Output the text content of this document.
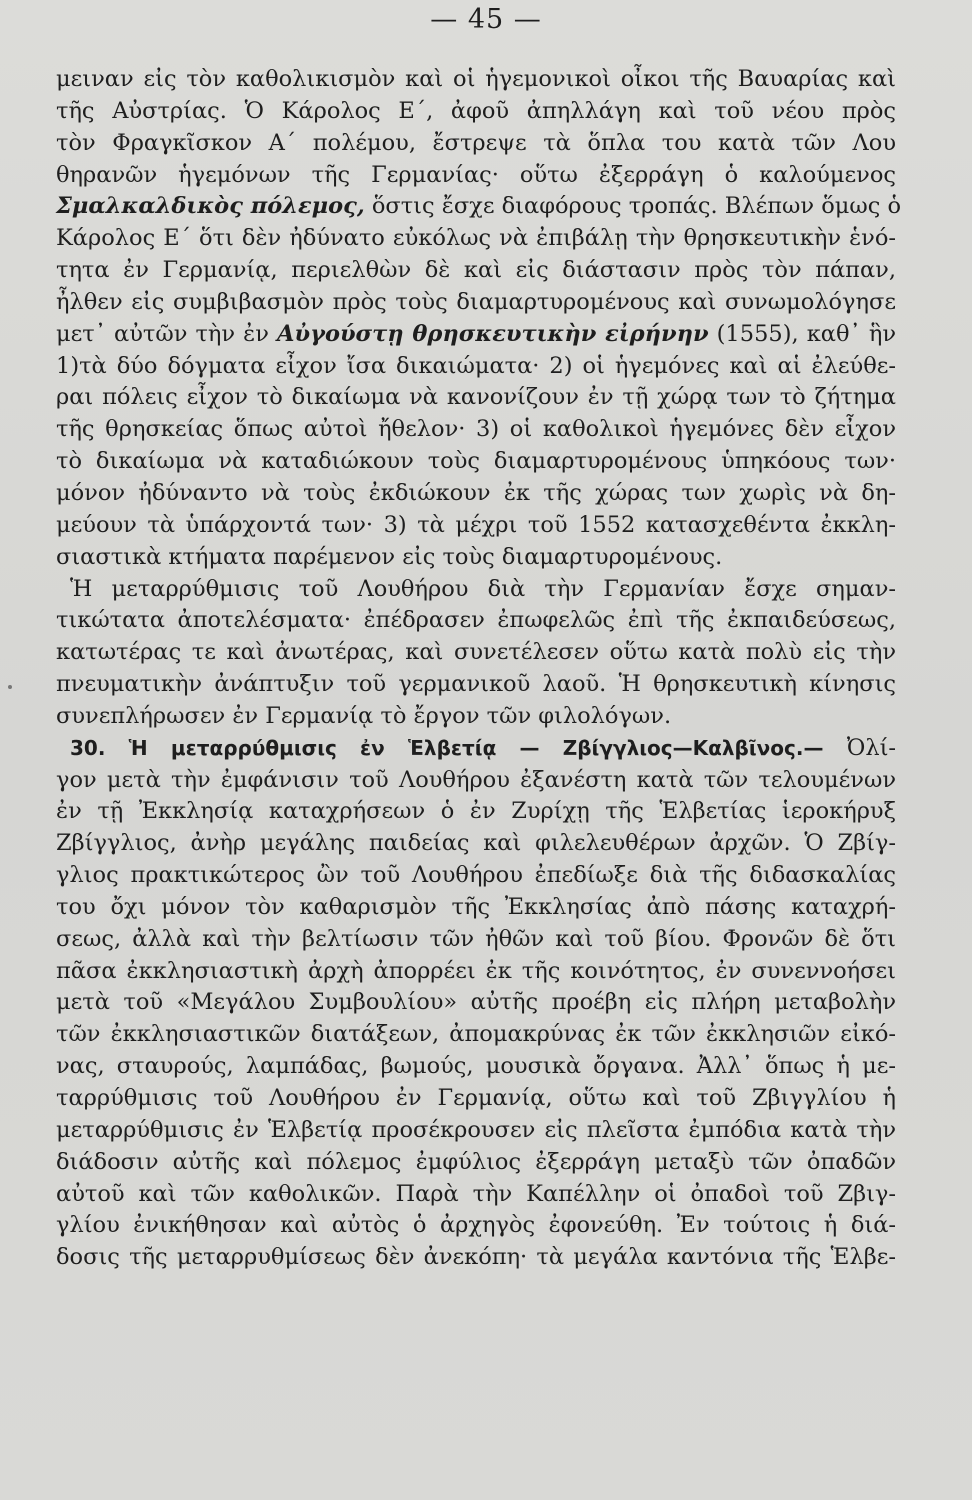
— 45 —
μειναν εἰς τὸν καθολικισμὸν καὶ οἱ ἡγεμονικοὶ οἶκοι τῆς Βαυαρίας καὶ
τῆς Αὐστρίας. Ὁ Κάρολος Ε΄, ἀφοῦ ἀπηλλάγη καὶ τοῦ νέου πρὸς
τὸν Φραγκῖσκον Α΄ πολέμου, ἔστρεψε τὰ ὅπλα του κατὰ τῶν Λου
θηρανῶν ἡγεμόνων τῆς Γερμανίας· οὕτω ἐξερράγη ὁ καλούμενος
Σμαλκαλδικὸς πόλεμος, ὅστις ἔσχε διαφόρους τροπάς. Βλέπων ὅμως ὁ
Κάρολος Ε΄ ὅτι δὲν ἠδύνατο εὐκόλως νὰ ἐπιβάλῃ τὴν θρησκευτικὴν ἑνό-
τητα ἐν Γερμανίᾳ, περιελθὼν δὲ καὶ εἰς διάστασιν πρὸς τὸν πάπαν,
ἦλθεν εἰς συμβιβασμὸν πρὸς τοὺς διαμαρτυρομένους καὶ συνωμολόγησε
μετ᾽ αὐτῶν τὴν ἐν Αὐγούστῃ θρησκευτικὴν εἰρήνην (1555), καθ᾽ ἣν
1)τὰ δύο δόγματα εἶχον ἴσα δικαιώματα· 2) οἱ ἡγεμόνες καὶ αἱ ἐλεύθε-
ραι πόλεις εἶχον τὸ δικαίωμα νὰ κανονίζουν ἐν τῇ χώρᾳ των τὸ ζήτημα
τῆς θρησκείας ὅπως αὐτοὶ ἤθελον· 3) οἱ καθολικοὶ ἡγεμόνες δὲν εἶχον
τὸ δικαίωμα νὰ καταδιώκουν τοὺς διαμαρτυρομένους ὑπηκόους των·
μόνον ἠδύναντο νὰ τοὺς ἐκδιώκουν ἐκ τῆς χώρας των χωρὶς νὰ δη-
μεύουν τὰ ὑπάρχοντά των· 3) τὰ μέχρι τοῦ 1552 κατασχεθέντα ἐκκλη-
σιαστικὰ κτήματα παρέμενον εἰς τοὺς διαμαρτυρομένους.
Ἡ μεταρρύθμισις τοῦ Λουθήρου διὰ τὴν Γερμανίαν ἔσχε σημαν-
τικώτατα ἀποτελέσματα· ἐπέδρασεν ἐπωφελῶς ἐπὶ τῆς ἐκπαιδεύσεως,
κατωτέρας τε καὶ ἀνωτέρας, καὶ συνετέλεσεν οὕτω κατὰ πολὺ εἰς τὴν
πνευματικὴν ἀνάπτυξιν τοῦ γερμανικοῦ λαοῦ. Ἡ θρησκευτικὴ κίνησις
συνεπλήρωσεν ἐν Γερμανίᾳ τὸ ἔργον τῶν φιλολόγων.
30. Ἡ μεταρρύθμισις ἐν Ἑλβετίᾳ — Ζβίγγλιος—Καλβῖνος.— Ὀλί-
γον μετὰ τὴν ἐμφάνισιν τοῦ Λουθήρου ἐξανέστη κατὰ τῶν τελουμένων
ἐν τῇ Ἐκκλησίᾳ καταχρήσεων ὁ ἐν Ζυρίχῃ τῆς Ἑλβετίας ἱεροκήρυξ
Ζβίγγλιος, ἀνὴρ μεγάλης παιδείας καὶ φιλελευθέρων ἀρχῶν. Ὁ Ζβίγ-
γλιος πρακτικώτερος ὢν τοῦ Λουθήρου ἐπεδίωξε διὰ τῆς διδασκαλίας
του ὄχι μόνον τὸν καθαρισμὸν τῆς Ἐκκλησίας ἀπὸ πάσης καταχρή-
σεως, ἀλλὰ καὶ τὴν βελτίωσιν τῶν ἠθῶν καὶ τοῦ βίου. Φρονῶν δὲ ὅτι
πᾶσα ἐκκλησιαστικὴ ἀρχὴ ἀπορρέει ἐκ τῆς κοινότητος, ἐν συνεννοήσει
μετὰ τοῦ «Μεγάλου Συμβουλίου» αὐτῆς προέβη εἰς πλήρη μεταβολὴν
τῶν ἐκκλησιαστικῶν διατάξεων, ἀπομακρύνας ἐκ τῶν ἐκκλησιῶν εἰκό-
νας, σταυρούς, λαμπάδας, βωμούς, μουσικὰ ὄργανα. Ἀλλ᾽ ὅπως ἡ με-
ταρρύθμισις τοῦ Λουθήρου ἐν Γερμανίᾳ, οὕτω καὶ τοῦ Ζβιγγλίου ἡ
μεταρρύθμισις ἐν Ἑλβετίᾳ προσέκρουσεν εἰς πλεῖστα ἐμπόδια κατὰ τὴν
διάδοσιν αὐτῆς καὶ πόλεμος ἐμφύλιος ἐξερράγη μεταξὺ τῶν ὀπαδῶν
αὐτοῦ καὶ τῶν καθολικῶν. Παρὰ τὴν Καπέλλην οἱ ὀπαδοὶ τοῦ Ζβιγ-
γλίου ἐνικήθησαν καὶ αὐτὸς ὁ ἀρχηγὸς ἐφονεύθη. Ἐν τούτοις ἡ διά-
δοσις τῆς μεταρρυθμίσεως δὲν ἀνεκόπη· τὰ μεγάλα καντόνια τῆς Ἑλβε-
